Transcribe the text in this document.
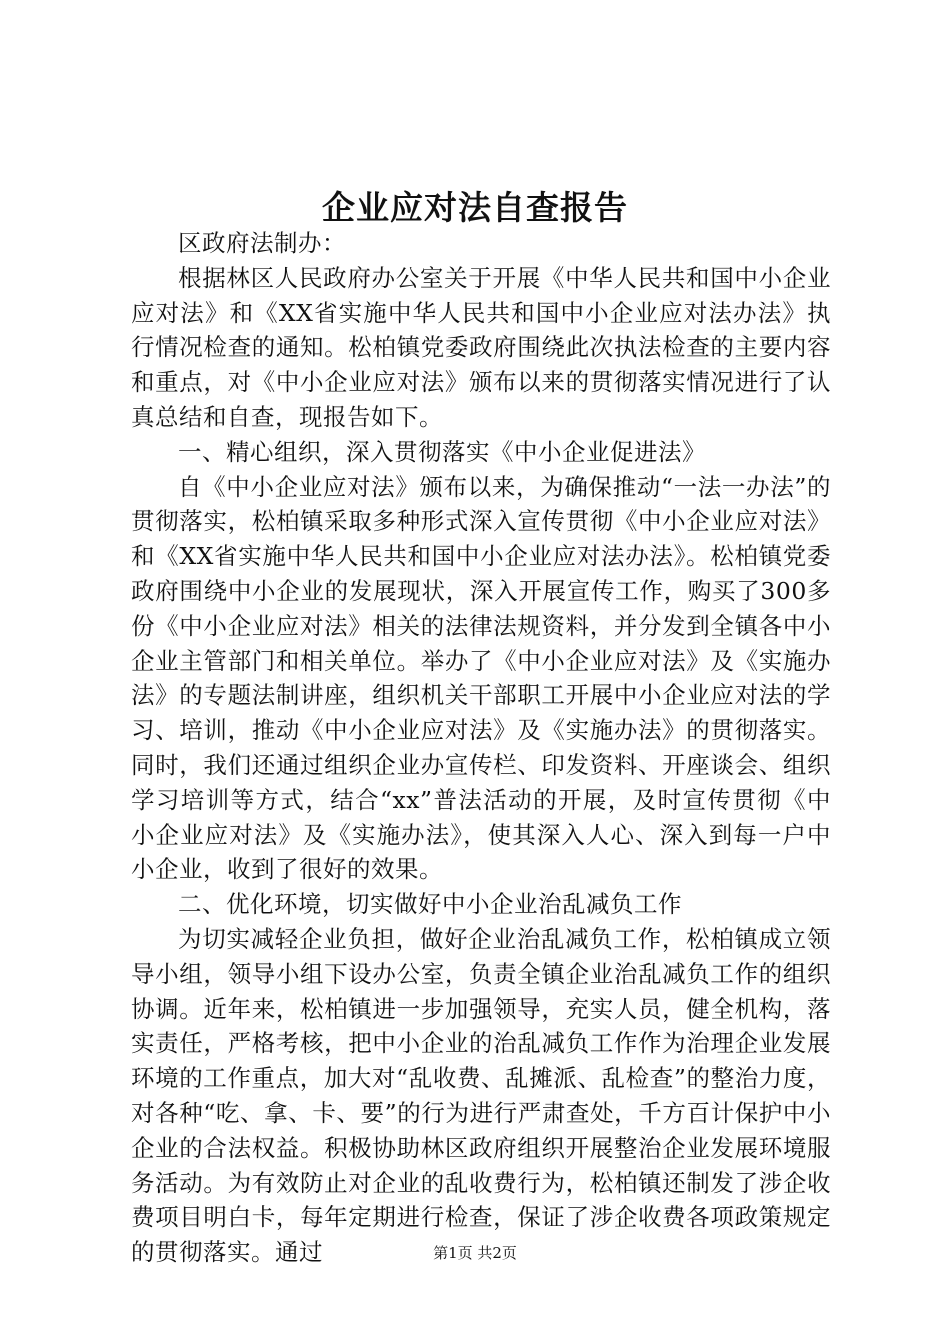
企业应对法自查报告

区政府法制办：

根据林区人民政府办公室关于开展《中华人民共和国中小企业应对法》和《XX省实施中华人民共和国中小企业应对法办法》执行情况检查的通知。松柏镇党委政府围绕此次执法检查的主要内容和重点，对《中小企业应对法》颁布以来的贯彻落实情况进行了认真总结和自查，现报告如下。

一、精心组织，深入贯彻落实《中小企业促进法》

自《中小企业应对法》颁布以来，为确保推动“一法一办法”的贯彻落实，松柏镇采取多种形式深入宣传贯彻《中小企业应对法》和《XX省实施中华人民共和国中小企业应对法办法》。松柏镇党委政府围绕中小企业的发展现状，深入开展宣传工作，购买了300多份《中小企业应对法》相关的法律法规资料，并分发到全镇各中小企业主管部门和相关单位。举办了《中小企业应对法》及《实施办法》的专题法制讲座，组织机关干部职工开展中小企业应对法的学习、培训，推动《中小企业应对法》及《实施办法》的贯彻落实。同时，我们还通过组织企业办宣传栏、印发资料、开座谈会、组织学习培训等方式，结合“xx”普法活动的开展，及时宣传贯彻《中小企业应对法》及《实施办法》，使其深入人心、深入到每一户中小企业，收到了很好的效果。

二、优化环境，切实做好中小企业治乱减负工作

为切实减轻企业负担，做好企业治乱减负工作，松柏镇成立领导小组，领导小组下设办公室，负责全镇企业治乱减负工作的组织协调。近年来，松柏镇进一步加强领导，充实人员，健全机构，落实责任，严格考核，把中小企业的治乱减负工作作为治理企业发展环境的工作重点，加大对“乱收费、乱摊派、乱检查”的整治力度，对各种“吃、拿、卡、要”的行为进行严肃查处，千方百计保护中小企业的合法权益。积极协助林区政府组织开展整治企业发展环境服务活动。为有效防止对企业的乱收费行为，松柏镇还制发了涉企收费项目明白卡，每年定期进行检查，保证了涉企收费各项政策规定的贯彻落实。通过	第1页 共2页
